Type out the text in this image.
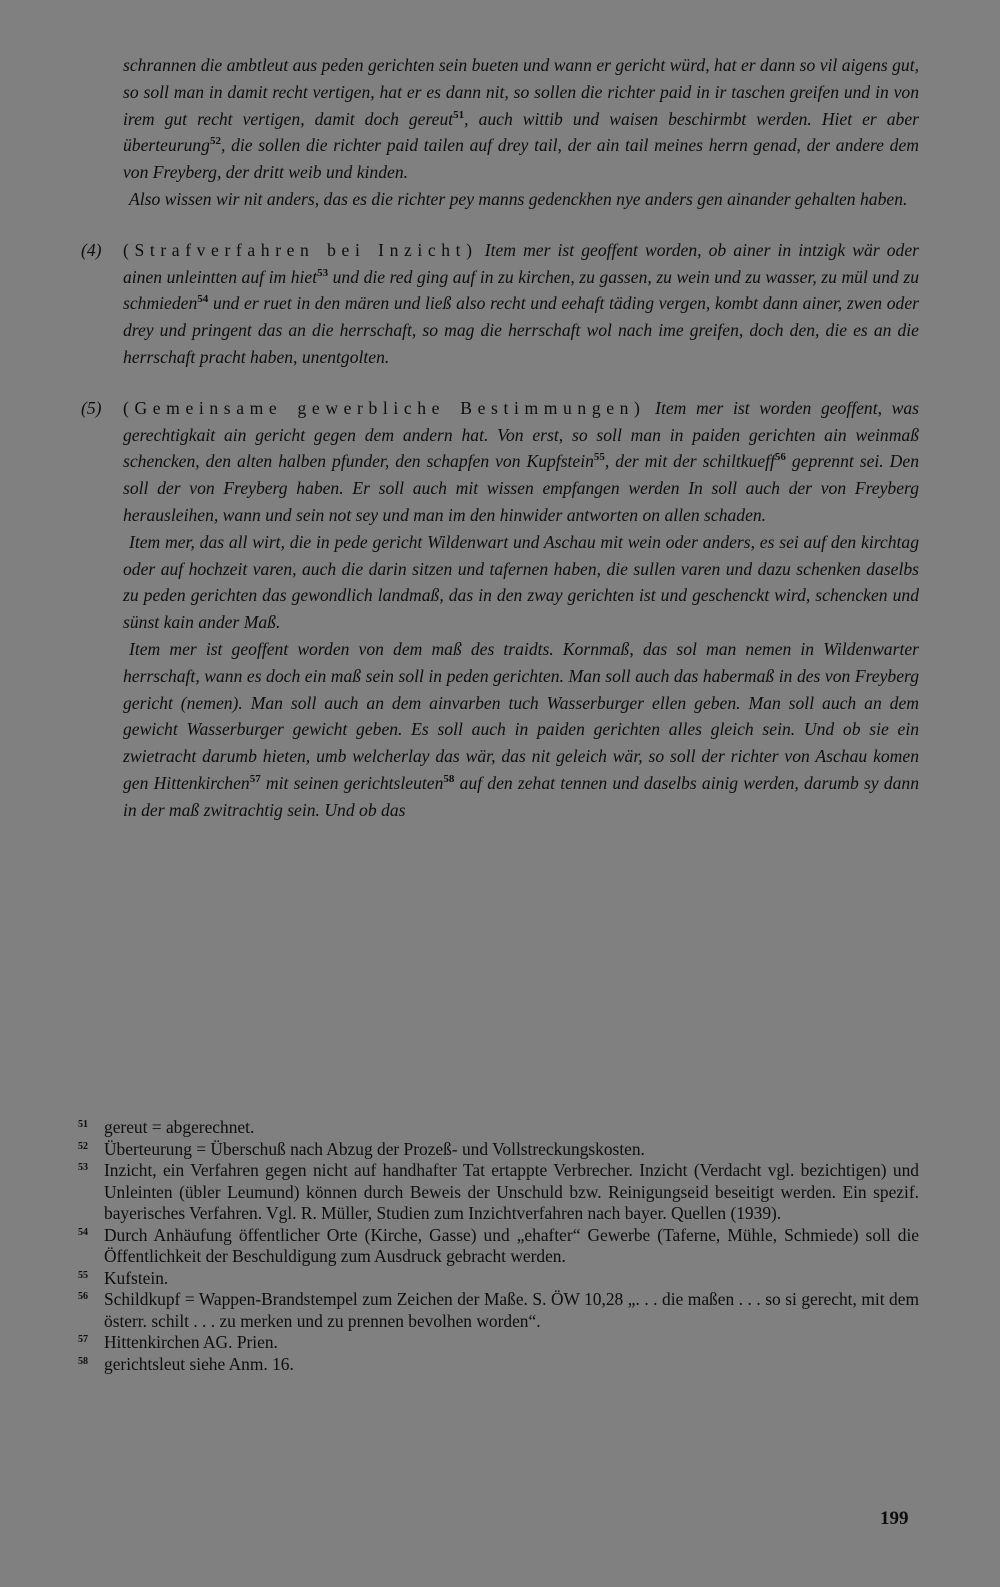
schrannen die ambtleut aus peden gerichten sein bueten und wann er gericht würd, hat er dann so vil aigens gut, so soll man in damit recht vertigen, hat er es dann nit, so sollen die richter paid in ir taschen greifen und in von irem gut recht vertigen, damit doch gereut$^{51}$, auch wittib und waisen beschirmbt werden. Hiet er aber überteurung$^{52}$, die sollen die richter paid tailen auf drey tail, der ain tail meines herrn genad, der andere dem von Freyberg, der dritt weib und kinden.

Also wissen wir nit anders, das es die richter pey manns gedenckhen nye anders gen ainander gehalten haben.

(4) (Strafverfahren bei Inzicht) Item mer ist geoffent worden, ob ainer in intzigk wär oder ainen unleintten auf im hiet$^{53}$ und die red ging auf in zu kirchen, zu gassen, zu wein und zu wasser, zu mül und zu schmieden$^{54}$ und er ruet in den mären und ließ also recht und eehaft täding vergen, kombt dann ainer, zwen oder drey und pringent das an die herrschaft, so mag die herrschaft wol nach ime greifen, doch den, die es an die herrschaft pracht haben, unentgolten.

(5) (Gemeinsame gewerbliche Bestimmungen) Item mer ist worden geoffent, was gerechtigkait ain gericht gegen dem andern hat. Von erst, so soll man in paiden gerichten ain weinmaß schencken, den alten halben pfunder, den schapfen von Kupfstein$^{55}$, der mit der schiltkueff$^{56}$ geprennt sei. Den soll der von Freyberg haben. Er soll auch mit wissen empfangen werden In soll auch der von Freyberg herausleihen, wann und sein not sey und man im den hinwider antworten on allen schaden.

Item mer, das all wirt, die in pede gericht Wildenwart und Aschau mit wein oder anders, es sei auf den kirchtag oder auf hochzeit varen, auch die darin sitzen und tafernen haben, die sullen varen und dazu schenken daselbs zu peden gerichten das gewondlich landmaß, das in den zway gerichten ist und geschenckt wird, schencken und sünst kain ander Maß.

Item mer ist geoffent worden von dem maß des traidts. Kornmaß, das sol man nemen in Wildenwarter herrschaft, wann es doch ein maß sein soll in peden gerichten. Man soll auch das habermaß in des von Freyberg gericht (nemen). Man soll auch an dem ainvarben tuch Wasserburger ellen geben. Man soll auch an dem gewicht Wasserburger gewicht geben. Es soll auch in paiden gerichten alles gleich sein. Und ob sie ein zwietracht darumb hieten, umb welcherlay das wär, das nit geleich wär, so soll der richter von Aschau komen gen Hittenkirchen$^{57}$ mit seinen gerichtsleuten$^{58}$ auf den zehat tennen und daselbs ainig werden, darumb sy dann in der maß zwitrachtig sein. Und ob das

51 gereut = abgerechnet.

52 Überteurung = Überschuß nach Abzug der Prozeß- und Vollstreckungskosten.

53 Inzicht, ein Verfahren gegen nicht auf handhafter Tat ertappte Verbrecher. Inzicht (Verdacht vgl. bezichtigen) und Unleinten (übler Leumund) können durch Beweis der Unschuld bzw. Reinigungseid beseitigt werden. Ein spezif. bayerisches Verfahren. Vgl. R. Müller, Studien zum Inzichtverfahren nach bayer. Quellen (1939).

54 Durch Anhäufung öffentlicher Orte (Kirche, Gasse) und „ehafter“ Gewerbe (Taferne, Mühle, Schmiede) soll die Öffentlichkeit der Beschuldigung zum Ausdruck gebracht werden.

55 Kufstein.

56 Schildkupf = Wappen-Brandstempel zum Zeichen der Maße. S. ÖW 10,28 „. . . die maßen . . . so si gerecht, mit dem österr. schilt . . . zu merken und zu prennen bevolhen worden“.

57 Hittenkirchen AG. Prien.

58 gerichtsleut siehe Anm. 16.

199
